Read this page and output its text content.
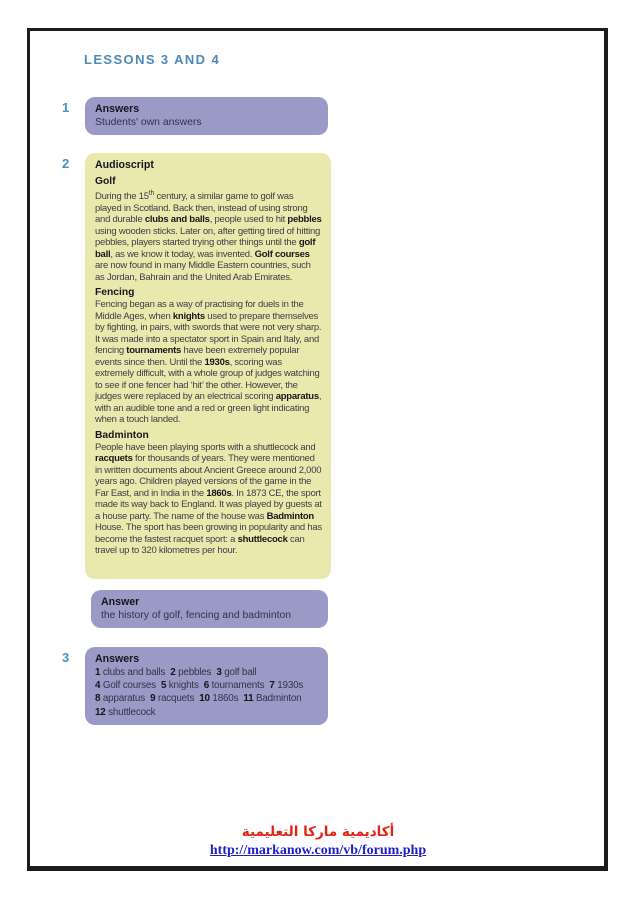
LESSONS 3 AND 4
1	Answers
Students' own answers
2	Audioscript
Golf

During the 15th century, a similar game to golf was played in Scotland. Back then, instead of using strong and durable clubs and balls, people used to hit pebbles using wooden sticks. Later on, after getting tired of hitting pebbles, players started trying other things until the golf ball, as we know it today, was invented. Golf courses are now found in many Middle Eastern countries, such as Jordan, Bahrain and the United Arab Emirates.

Fencing

Fencing began as a way of practising for duels in the Middle Ages, when knights used to prepare themselves by fighting, in pairs, with swords that were not very sharp. It was made into a spectator sport in Spain and Italy, and fencing tournaments have been extremely popular events since then. Until the 1930s, scoring was extremely difficult, with a whole group of judges watching to see if one fencer had ‘hit’ the other. However, the judges were replaced by an electrical scoring apparatus, with an audible tone and a red or green light indicating when a touch landed.

Badminton

People have been playing sports with a shuttlecock and racquets for thousands of years. They were mentioned in written documents about Ancient Greece around 2,000 years ago. Children played versions of the game in the Far East, and in India in the 1860s. In 1873 CE, the sport made its way back to England. It was played by guests at a house party. The name of the house was Badminton House. The sport has been growing in popularity and has become the fastest racquet sport: a shuttlecock can travel up to 320 kilometres per hour.

Answer
the history of golf, fencing and badminton
3	Answers
1 clubs and balls  2 pebbles  3 golf ball
4 Golf courses  5 knights  6 tournaments  7 1930s
8 apparatus  9 racquets  10 1860s  11 Badminton
12 shuttlecock
أكاديمية ماركا التعليمية
http://markanow.com/vb/forum.php
